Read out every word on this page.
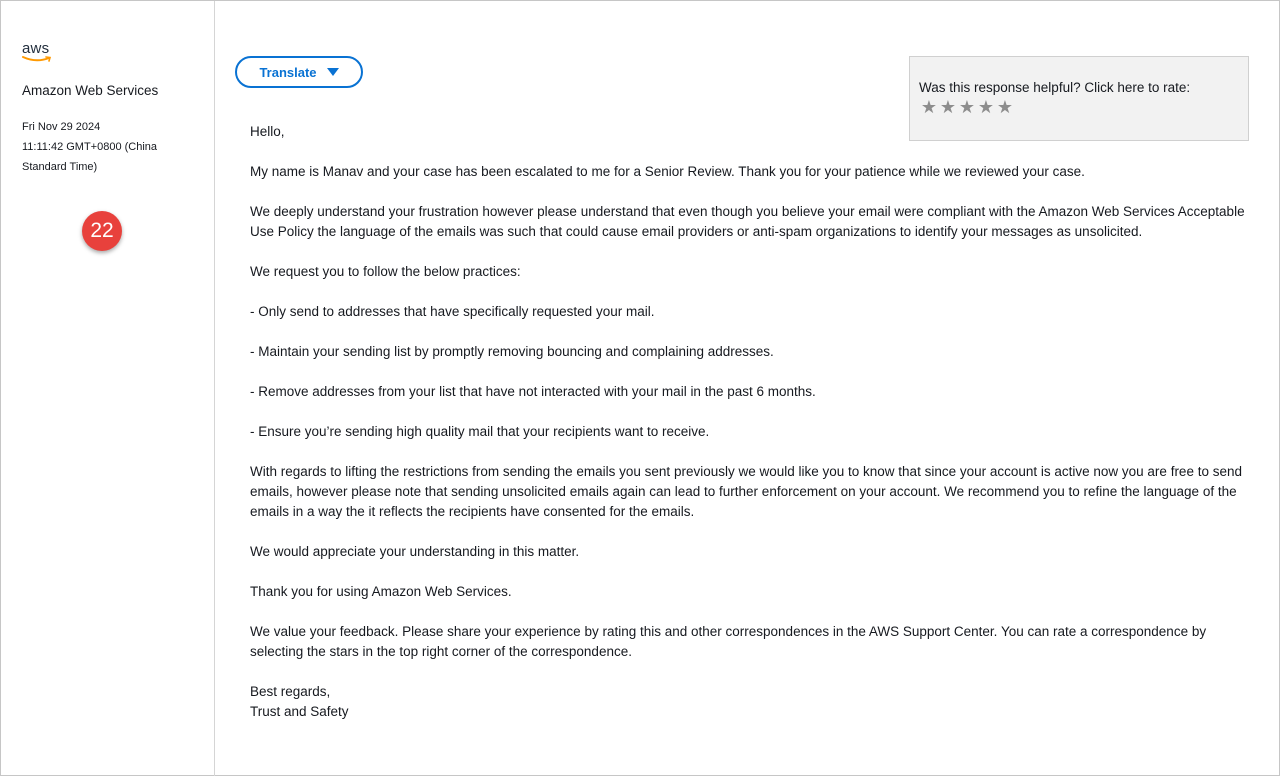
aws
Amazon Web Services
Fri Nov 29 2024
11:11:42 GMT+0800 (China Standard Time)
22
Translate
Was this response helpful? Click here to rate:
★ ★ ★ ★ ★

Hello,

My name is Manav and your case has been escalated to me for a Senior Review. Thank you for your patience while we reviewed your case.

We deeply understand your frustration however please understand that even though you believe your email were compliant with the Amazon Web Services Acceptable Use Policy the language of the emails was such that could cause email providers or anti-spam organizations to identify your messages as unsolicited.

We request you to follow the below practices:

- Only send to addresses that have specifically requested your mail.

- Maintain your sending list by promptly removing bouncing and complaining addresses.

- Remove addresses from your list that have not interacted with your mail in the past 6 months.

- Ensure you’re sending high quality mail that your recipients want to receive.

With regards to lifting the restrictions from sending the emails you sent previously we would like you to know that since your account is active now you are free to send emails, however please note that sending unsolicited emails again can lead to further enforcement on your account. We recommend you to refine the language of the emails in a way the it reflects the recipients have consented for the emails.

We would appreciate your understanding in this matter.

Thank you for using Amazon Web Services.

We value your feedback. Please share your experience by rating this and other correspondences in the AWS Support Center. You can rate a correspondence by selecting the stars in the top right corner of the correspondence.

Best regards,
Trust and Safety
